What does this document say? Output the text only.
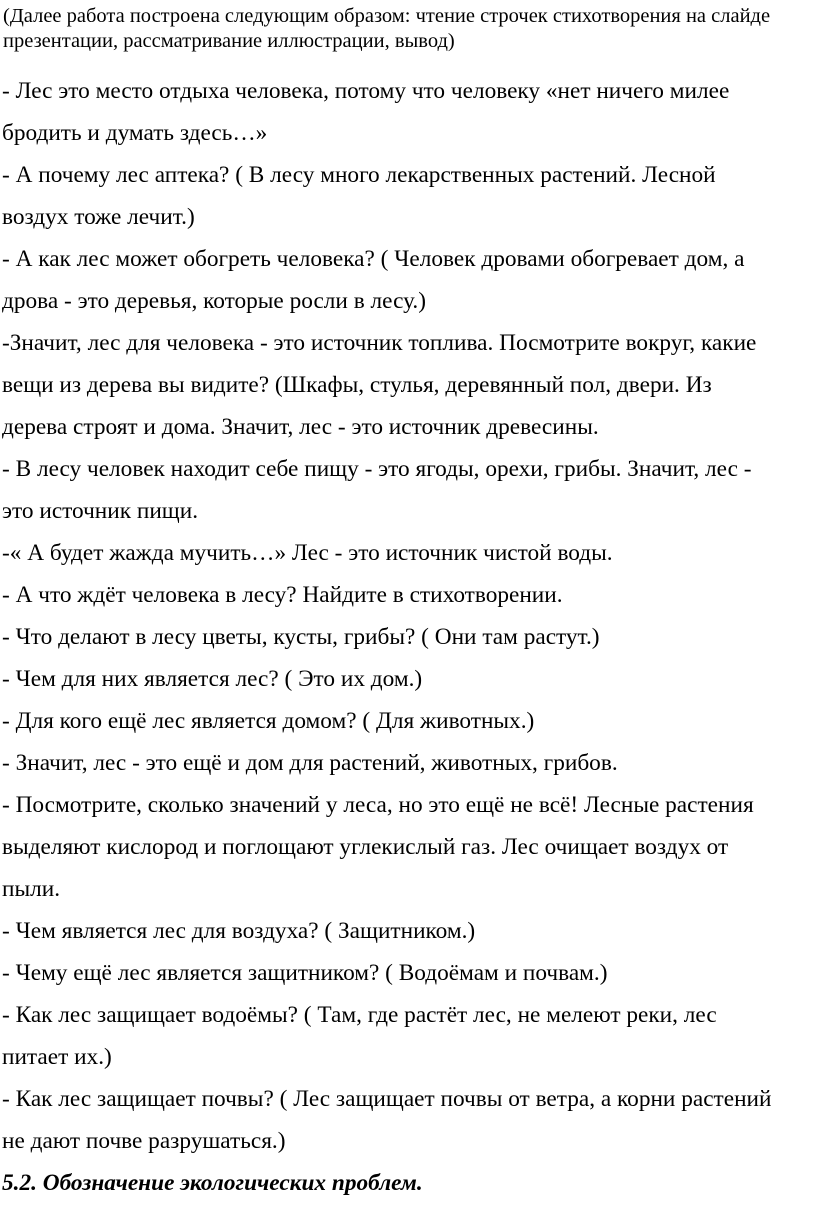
(Далее работа построена следующим образом: чтение строчек стихотворения на слайде презентации, рассматривание иллюстрации, вывод)

- Лес это место отдыха человека, потому что человеку «нет ничего милее
бродить и думать здесь…»
- А почему лес аптека? ( В лесу много лекарственных растений. Лесной
воздух тоже лечит.)
- А как лес может обогреть человека? ( Человек дровами обогревает дом, а
дрова - это деревья, которые росли в лесу.)
-Значит, лес для человека - это источник топлива. Посмотрите вокруг, какие
вещи из дерева вы видите? (Шкафы, стулья, деревянный пол, двери. Из
дерева строят и дома. Значит, лес - это источник древесины.
- В лесу человек находит себе пищу - это ягоды, орехи, грибы. Значит, лес -
это источник пищи.
-« А будет жажда мучить…» Лес - это источник чистой воды.
- А что ждёт человека в лесу? Найдите в стихотворении.
- Что делают в лесу цветы, кусты, грибы? ( Они там растут.)
- Чем для них является лес? ( Это их дом.)
- Для кого ещё лес является домом? ( Для животных.)
- Значит, лес - это ещё и дом для растений, животных, грибов.
- Посмотрите, сколько значений у леса, но это ещё не всё! Лесные растения
выделяют кислород и поглощают углекислый газ. Лес очищает воздух от
пыли.
- Чем является лес для воздуха? ( Защитником.)
- Чему ещё лес является защитником? ( Водоёмам и почвам.)
- Как лес защищает водоёмы? ( Там, где растёт лес, не мелеют реки, лес
питает их.)
- Как лес защищает почвы? ( Лес защищает почвы от ветра, а корни растений
не дают почве разрушаться.)
5.2. Обозначение экологических проблем.
